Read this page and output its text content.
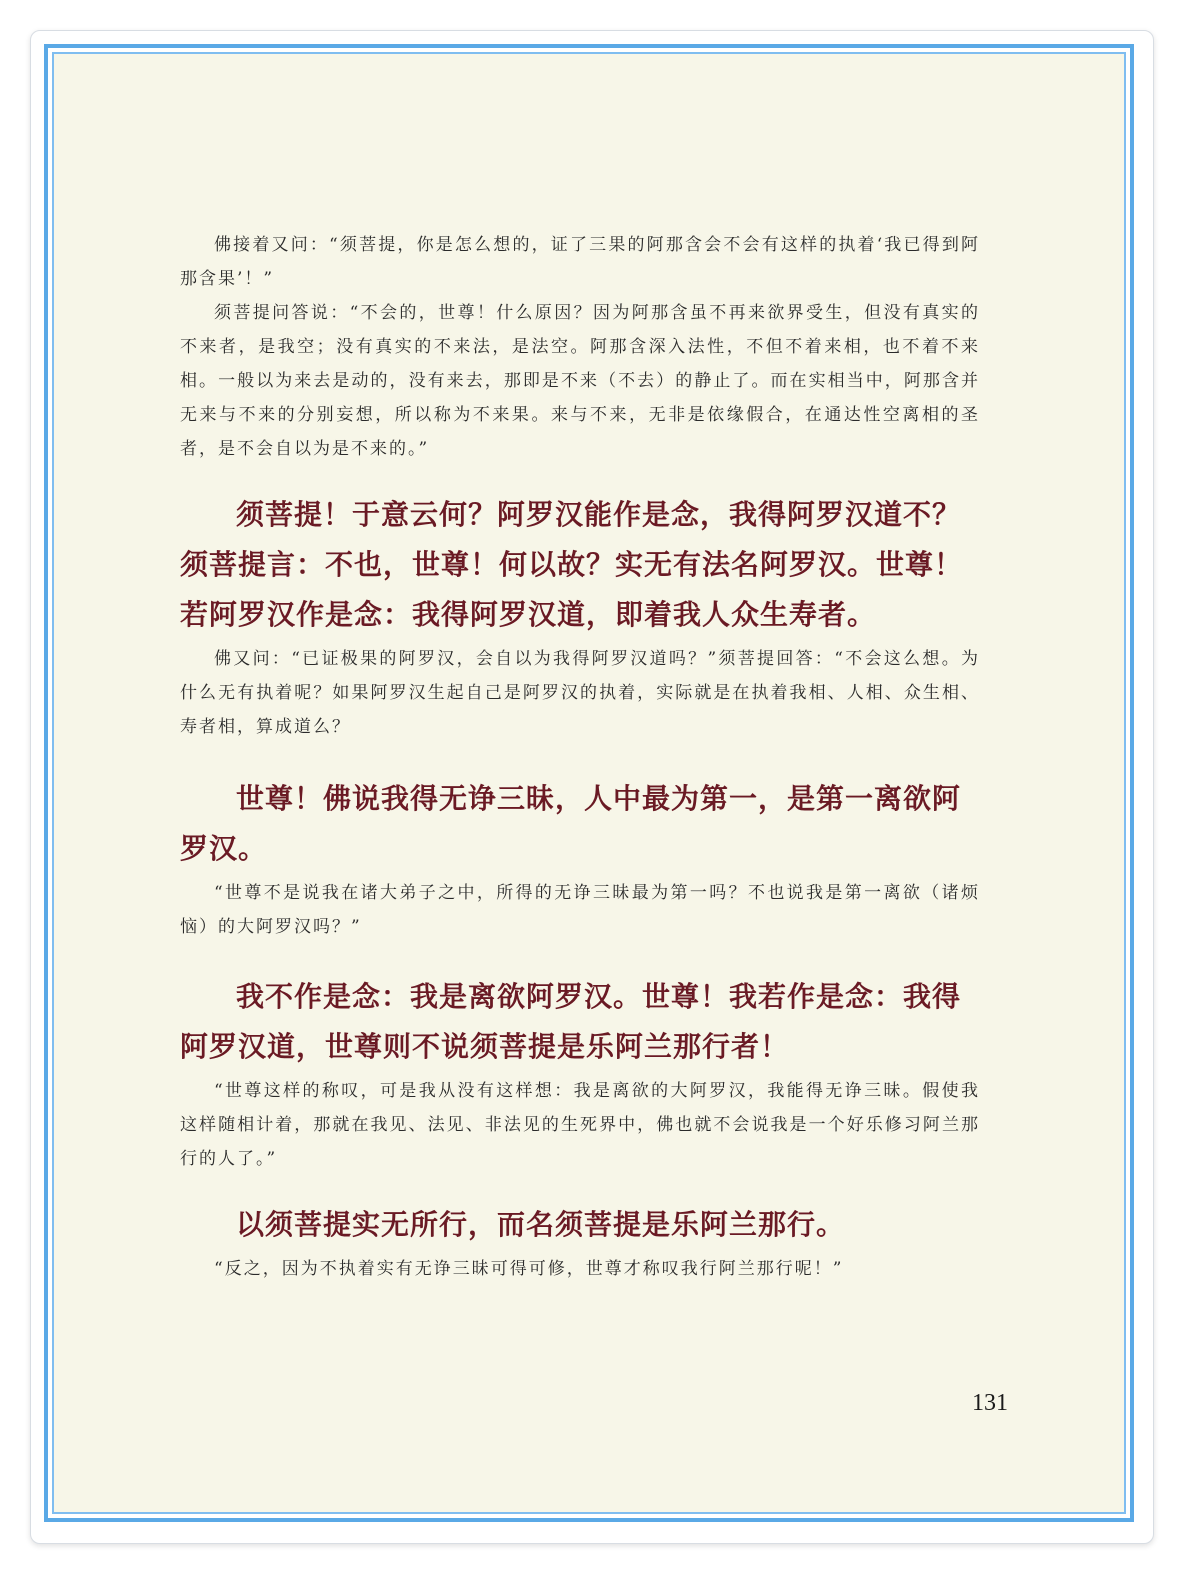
佛接着又问：“须菩提，你是怎么想的，证了三果的阿那含会不会有这样的执着‘我已得到阿那含果’！”

须菩提问答说：“不会的，世尊！什么原因？因为阿那含虽不再来欲界受生，但没有真实的不来者，是我空；没有真实的不来法，是法空。阿那含深入法性，不但不着来相，也不着不来相。一般以为来去是动的，没有来去，那即是不来（不去）的静止了。而在实相当中，阿那含并无来与不来的分别妄想，所以称为不来果。来与不来，无非是依缘假合，在通达性空离相的圣者，是不会自以为是不来的。”

须菩提！于意云何？阿罗汉能作是念，我得阿罗汉道不？须菩提言：不也，世尊！何以故？实无有法名阿罗汉。世尊！若阿罗汉作是念：我得阿罗汉道，即着我人众生寿者。

佛又问：“已证极果的阿罗汉，会自以为我得阿罗汉道吗？”须菩提回答：“不会这么想。为什么无有执着呢？如果阿罗汉生起自己是阿罗汉的执着，实际就是在执着我相、人相、众生相、寿者相，算成道么？

世尊！佛说我得无诤三昧，人中最为第一，是第一离欲阿罗汉。

“世尊不是说我在诸大弟子之中，所得的无诤三昧最为第一吗？不也说我是第一离欲（诸烦恼）的大阿罗汉吗？”

我不作是念：我是离欲阿罗汉。世尊！我若作是念：我得阿罗汉道，世尊则不说须菩提是乐阿兰那行者！

“世尊这样的称叹，可是我从没有这样想：我是离欲的大阿罗汉，我能得无诤三昧。假使我这样随相计着，那就在我见、法见、非法见的生死界中，佛也就不会说我是一个好乐修习阿兰那行的人了。”

以须菩提实无所行，而名须菩提是乐阿兰那行。

“反之，因为不执着实有无诤三昧可得可修，世尊才称叹我行阿兰那行呢！”

131
